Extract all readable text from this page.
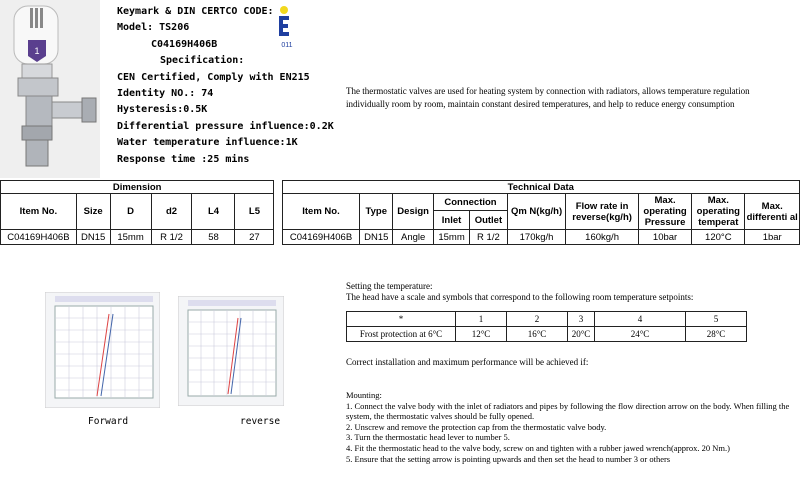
1
Keymark & DIN CERTCO CODE:
Model: TS206
C04169H406B
Specification:
CEN Certified, Comply with EN215
Identity NO.: 74
Hysteresis:0.5K
Differential pressure influence:0.2K
Water temperature influence:1K
Response time :25 mins
011
The thermostatic valves are used for heating system by connection with radiators, allows temperature regulation individually room by room, maintain constant desired temperatures, and help to reduce energy consumption
Dimension							Technical Data									
Item No.	Size	D	d2	L4	L5		Item No.	Type	Design	Connection		Qm N(kg/h)	Flow rate in reverse(kg/h)	Max. operating Pressure	Max. operating temperat	Max. differenti al
										Inlet	Outlet					
C04169H406B	DN15	15mm	R 1/2	58	27		C04169H406B	DN15	Angle	15mm	R 1/2	170kg/h	160kg/h	10bar	120°C	1bar
Forward	reverse
Setting the temperature:
The head have a scale and symbols that correspond to the following room temperature setpoints:
*	1	2	3	4	5
Frost protection at 6°C	12°C	16°C	20°C	24°C	28°C
Correct installation and maximum performance will be achieved if:
Mounting:
1. Connect the valve body with the inlet of radiators and pipes by following the flow direction arrow on the body. When filling the system, the thermostatic valves should be fully opened.
2. Unscrew and remove the protection cap from the thermostatic valve body.
3. Turn the thermostatic head lever to number 5.
4. Fit the thermostatic head to the valve body, screw on and tighten with a rubber jawed wrench(approx. 20 Nm.)
5. Ensure that the setting arrow is pointing upwards and then set the head to number 3 or others
